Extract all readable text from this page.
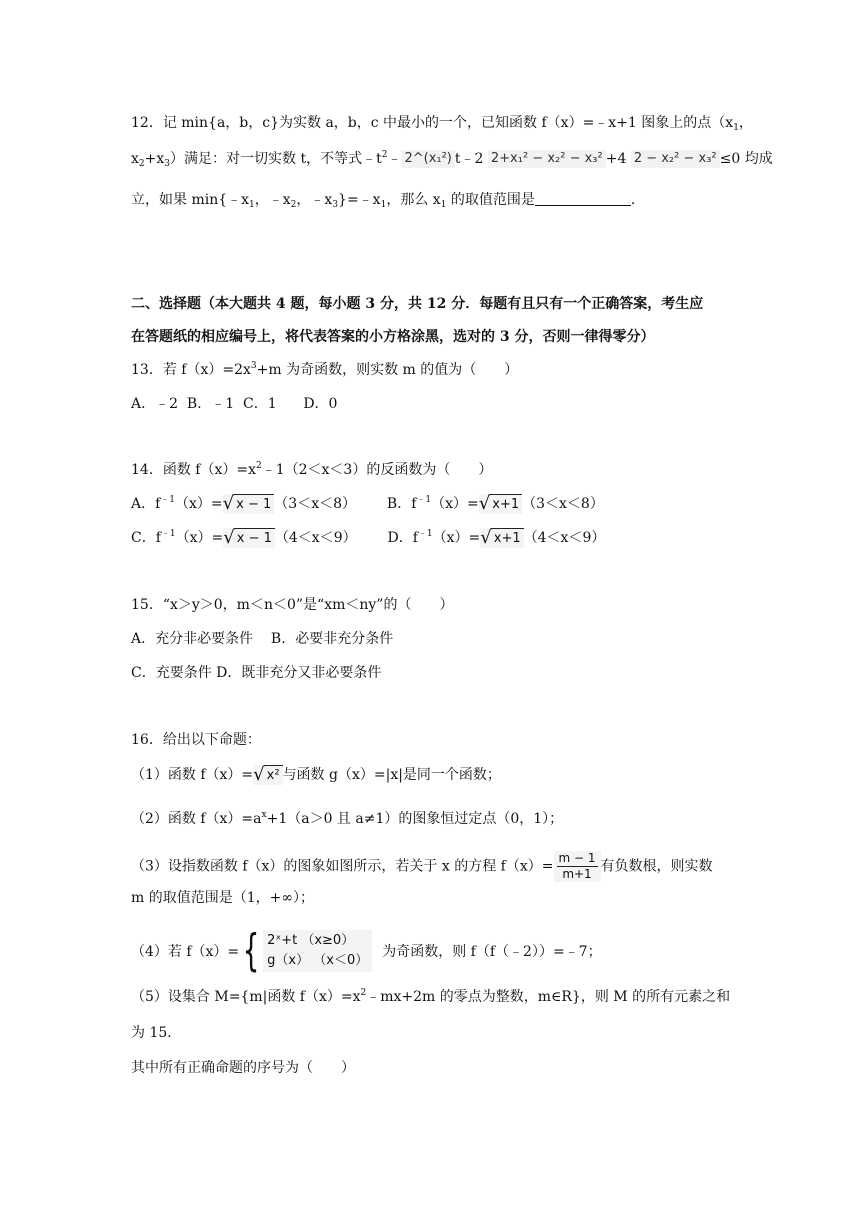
12．记 min{a，b，c}为实数 a，b，c 中最小的一个，已知函数 f（x）=﹣x+1 图象上的点（$x_1$，
$x_2+x_3$）满足：对一切实数 t，不等式$﹣t^2﹣$ 2^(x₁²) t﹣2 2+x₁² − x₂² − x₃² +4 2 − x₂² − x₃² ≤0 均成
立，如果 $\min\{﹣x_1$，$﹣x_2$，$﹣x_3\}=﹣x_1$，那么 $x_1$ 的取值范围是	．
二、选择题（本大题共 4 题，每小题 3 分，共 12 分．每题有且只有一个正确答案，考生应
在答题纸的相应编号上，将代表答案的小方格涂黑，选对的 3 分，否则一律得零分）
13．若 $f(x)=2x^3+m$ 为奇函数，则实数 m 的值为（　　）
A．﹣2  B．﹣1  C．1      D．0
14．函数 $f(x)=x^2﹣1(2<x<3)$的反函数为（　　）
A．$f^{﹣1}(x)=$ √ x − 1 （3＜x＜8） B．$f^{﹣1}(x)=$ √ x+1 （3＜x＜8）
C．$f^{﹣1}(x)=$ √ x − 1 （4＜x＜9） D．$f^{﹣1}(x)=$ √ x+1 （4＜x＜9）
15．“x＞y＞0，m＜n＜0”是“xm＜ny”的（　　）
A．充分非必要条件    B．必要非充分条件
C．充要条件 D．既非充分又非必要条件
16．给出以下命题：
（1）函数 f（x）= √ x² 与函数 g（x）=|x|是同一个函数；
（2）函数 $f(x)=a^x+1(a>0$ 且 a≠1）的图象恒过定点（0，1）；
（3）设指数函数 f（x）的图象如图所示，若关于 x 的方程 $f(x)= \frac{m - 1}{m+1}$ 有负数根，则实数
m 的取值范围是（1，+∞）；
（4）若 f（x）= { 2ˣ+t （x≥0）
g（x） （x＜0）
为奇函数，则 f（f（﹣2））=﹣7；
（5）设集合 M={m|函数 $f(x)=x^2﹣mx+2m$ 的零点为整数，m∈R}，则 M 的所有元素之和
为 15．
其中所有正确命题的序号为（　　）
